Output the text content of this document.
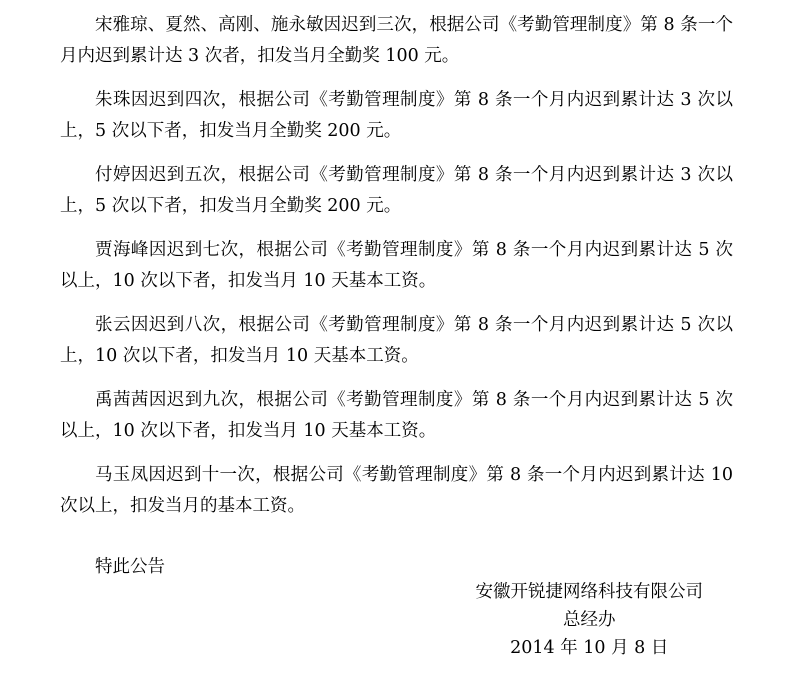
宋雅琼、夏然、高刚、施永敏因迟到三次，根据公司《考勤管理制度》第 8 条一个月内迟到累计达 3 次者，扣发当月全勤奖 100 元。

朱珠因迟到四次，根据公司《考勤管理制度》第 8 条一个月内迟到累计达 3 次以上，5 次以下者，扣发当月全勤奖 200 元。

付婷因迟到五次，根据公司《考勤管理制度》第 8 条一个月内迟到累计达 3 次以上，5 次以下者，扣发当月全勤奖 200 元。

贾海峰因迟到七次，根据公司《考勤管理制度》第 8 条一个月内迟到累计达 5 次以上，10 次以下者，扣发当月 10 天基本工资。

张云因迟到八次，根据公司《考勤管理制度》第 8 条一个月内迟到累计达 5 次以上，10 次以下者，扣发当月 10 天基本工资。

禹茜茜因迟到九次，根据公司《考勤管理制度》第 8 条一个月内迟到累计达 5 次以上，10 次以下者，扣发当月 10 天基本工资。

马玉凤因迟到十一次，根据公司《考勤管理制度》第 8 条一个月内迟到累计达 10 次以上，扣发当月的基本工资。

特此公告

安徽开锐捷网络科技有限公司
总经办
2014 年 10 月 8 日
